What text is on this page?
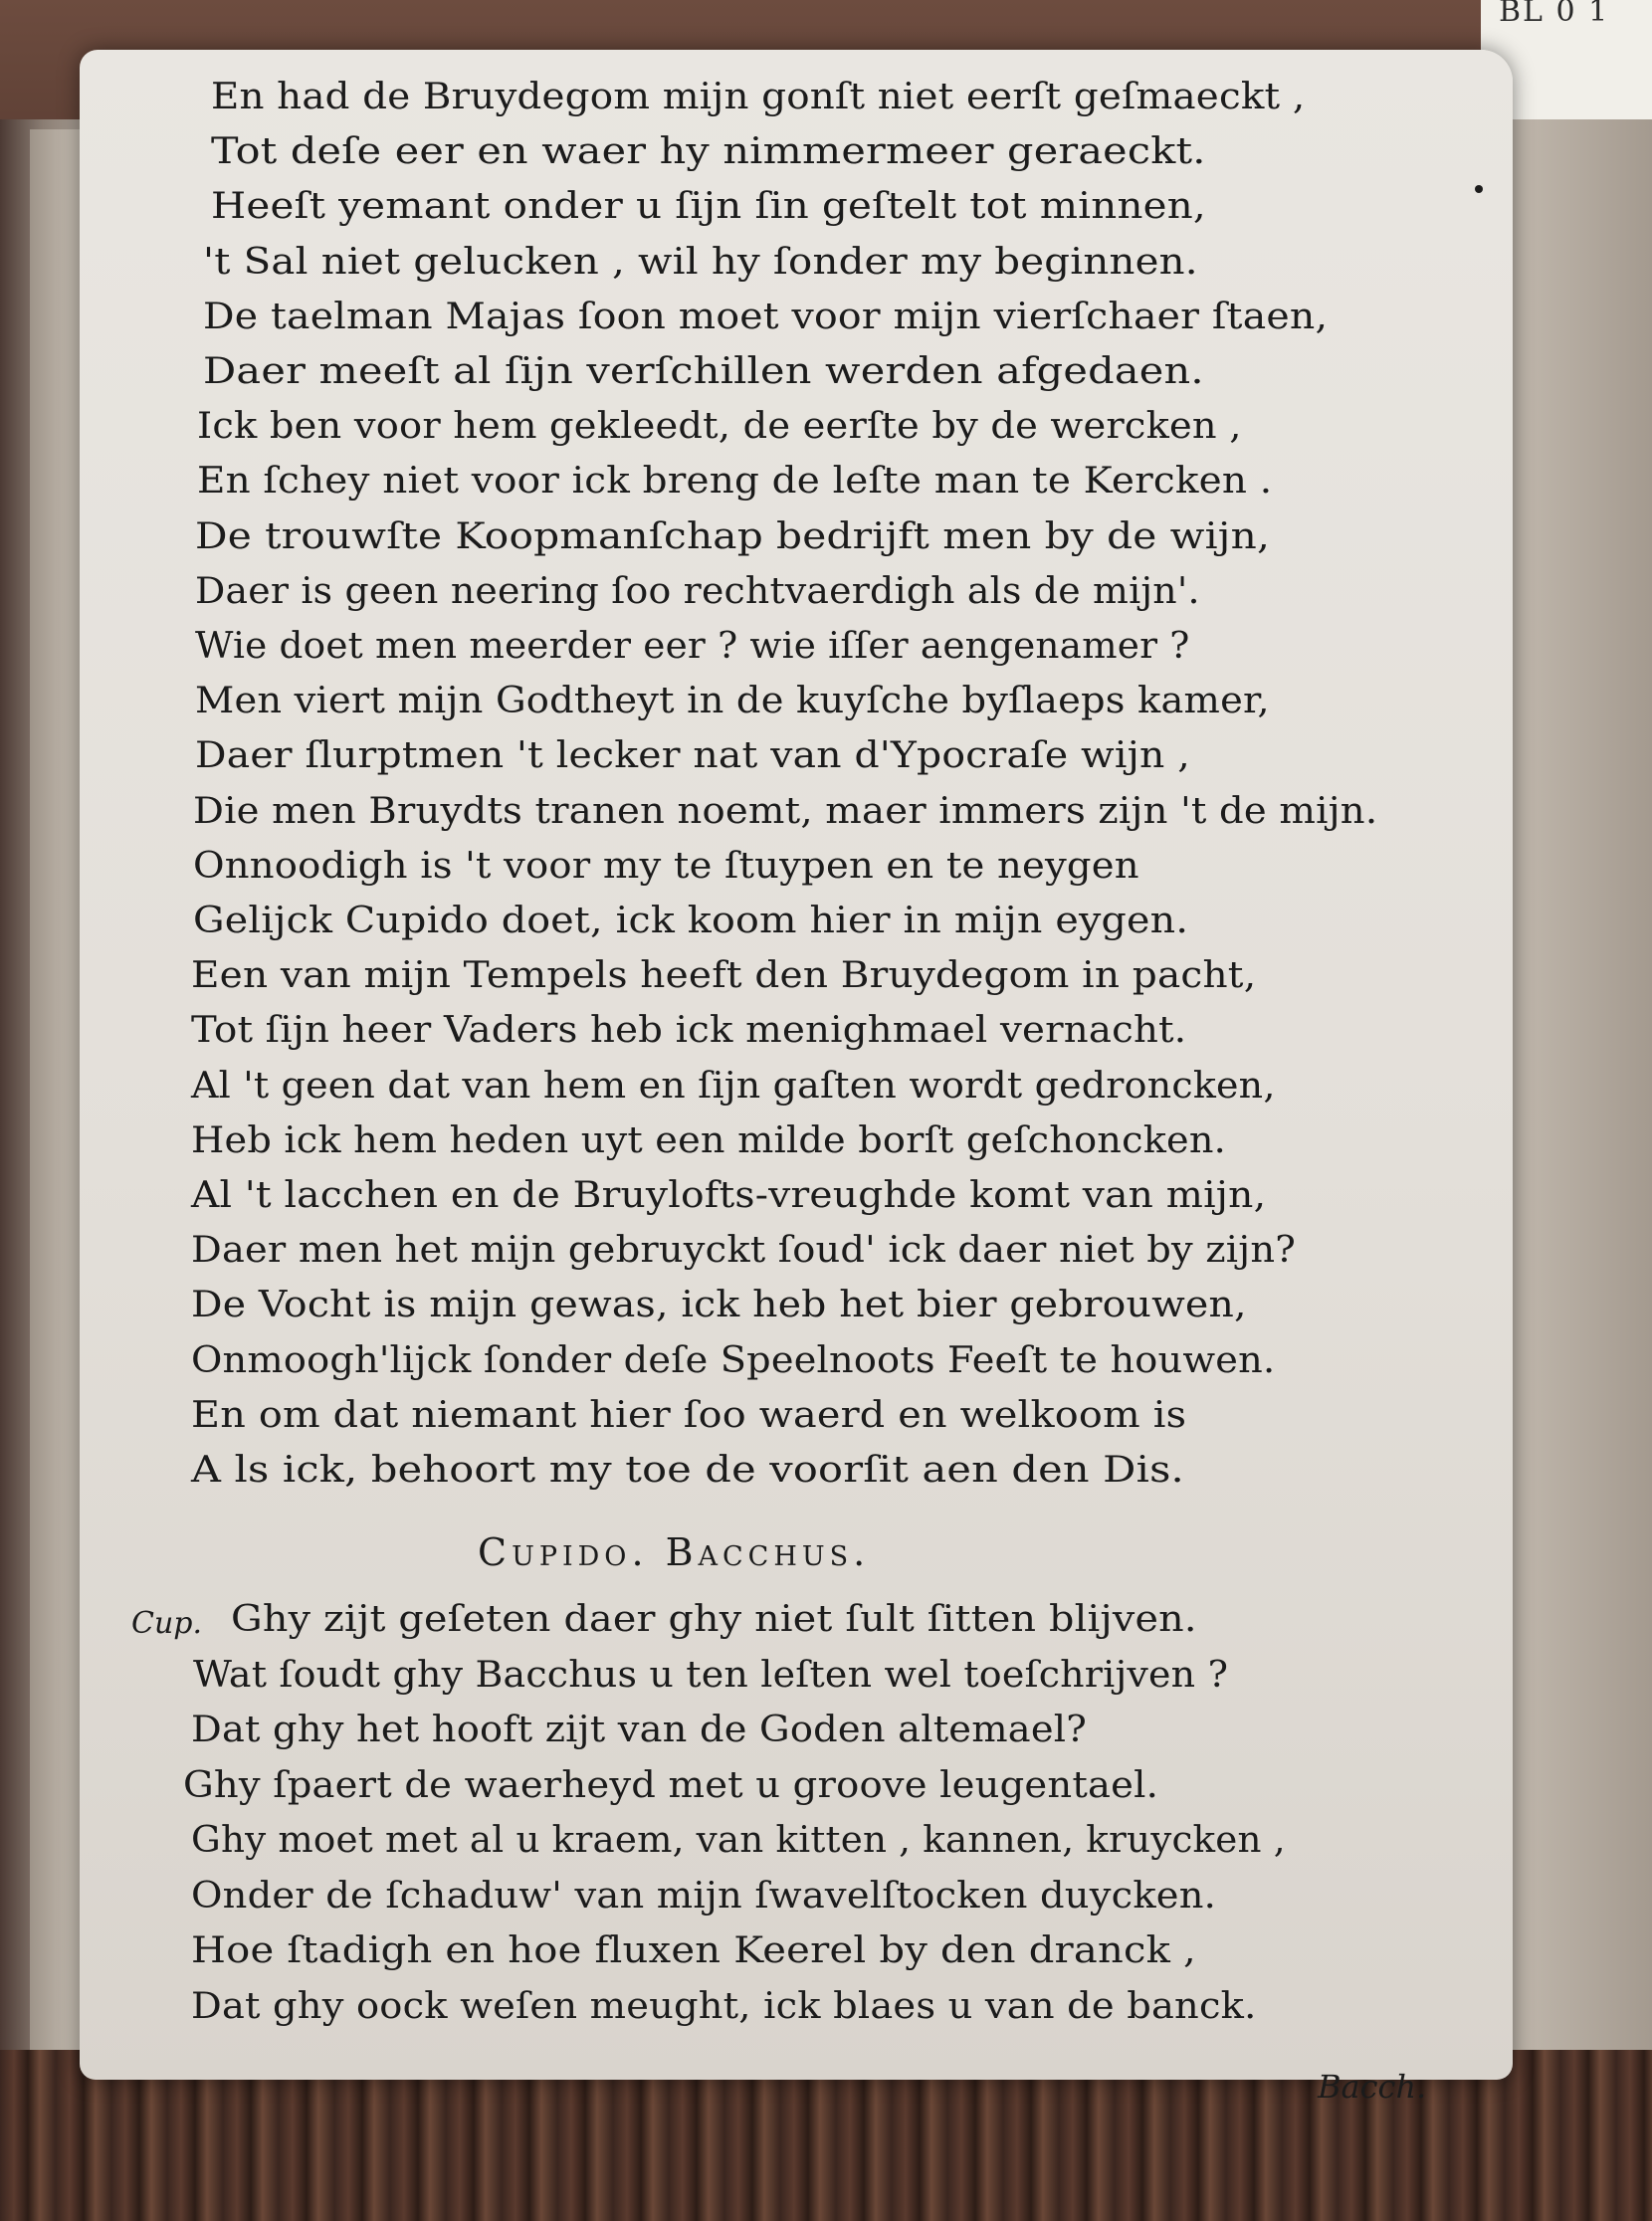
BL 0 1
En had de Bruydegom mijn gonſt niet eerſt geſmaeckt ,
Tot deſe eer en waer hy nimmermeer geraeckt.
Heeſt yemant onder u ſijn ſin geſtelt tot minnen,
't Sal niet gelucken , wil hy ſonder my beginnen.
De taelman Majas ſoon moet voor mijn vierſchaer ſtaen,
Daer meeſt al ſijn verſchillen werden afgedaen.
Ick ben voor hem gekleedt, de eerſte by de wercken ,
En ſchey niet voor ick breng de leſte man te Kercken .
De trouwſte Koopmanſchap bedrijft men by de wijn,
Daer is geen neering ſoo rechtvaerdigh als de mijn'.
Wie doet men meerder eer ? wie iſſer aengenamer ?
Men viert mijn Godtheyt in de kuyſche byſlaeps kamer,
Daer ſlurptmen 't lecker nat van d'Ypocraſe wijn ,
Die men Bruydts tranen noemt, maer immers zijn 't de mijn.
Onnoodigh is 't voor my te ſtuypen en te neygen
Gelijck Cupido doet, ick koom hier in mijn eygen.
Een van mijn Tempels heeft den Bruydegom in pacht,
Tot ſijn heer Vaders heb ick menighmael vernacht.
Al 't geen dat van hem en ſijn gaſten wordt gedroncken,
Heb ick hem heden uyt een milde borſt geſchoncken.
Al 't lacchen en de Bruylofts-vreughde komt van mijn,
Daer men het mijn gebruyckt ſoud' ick daer niet by zijn?
De Vocht is mijn gewas, ick heb het bier gebrouwen,
Onmoogh'lijck ſonder deſe Speelnoots Feeſt te houwen.
En om dat niemant hier ſoo waerd en welkoom is
A ls ick, behoort my toe de voorſit aen den Dis.
Cupido. Bacchus.
Cup. Ghy zijt geſeten daer ghy niet ſult ſitten blijven.
Wat ſoudt ghy Bacchus u ten leſten wel toeſchrijven ?
Dat ghy het hooft zijt van de Goden altemael?
Ghy ſpaert de waerheyd met u groove leugentael.
Ghy moet met al u kraem, van kitten , kannen, kruycken ,
Onder de ſchaduw' van mijn ſwavelſtocken duycken.
Hoe ſtadigh en hoe fluxen Keerel by den dranck ,
Dat ghy oock weſen meught, ick blaes u van de banck.
Bacch.
